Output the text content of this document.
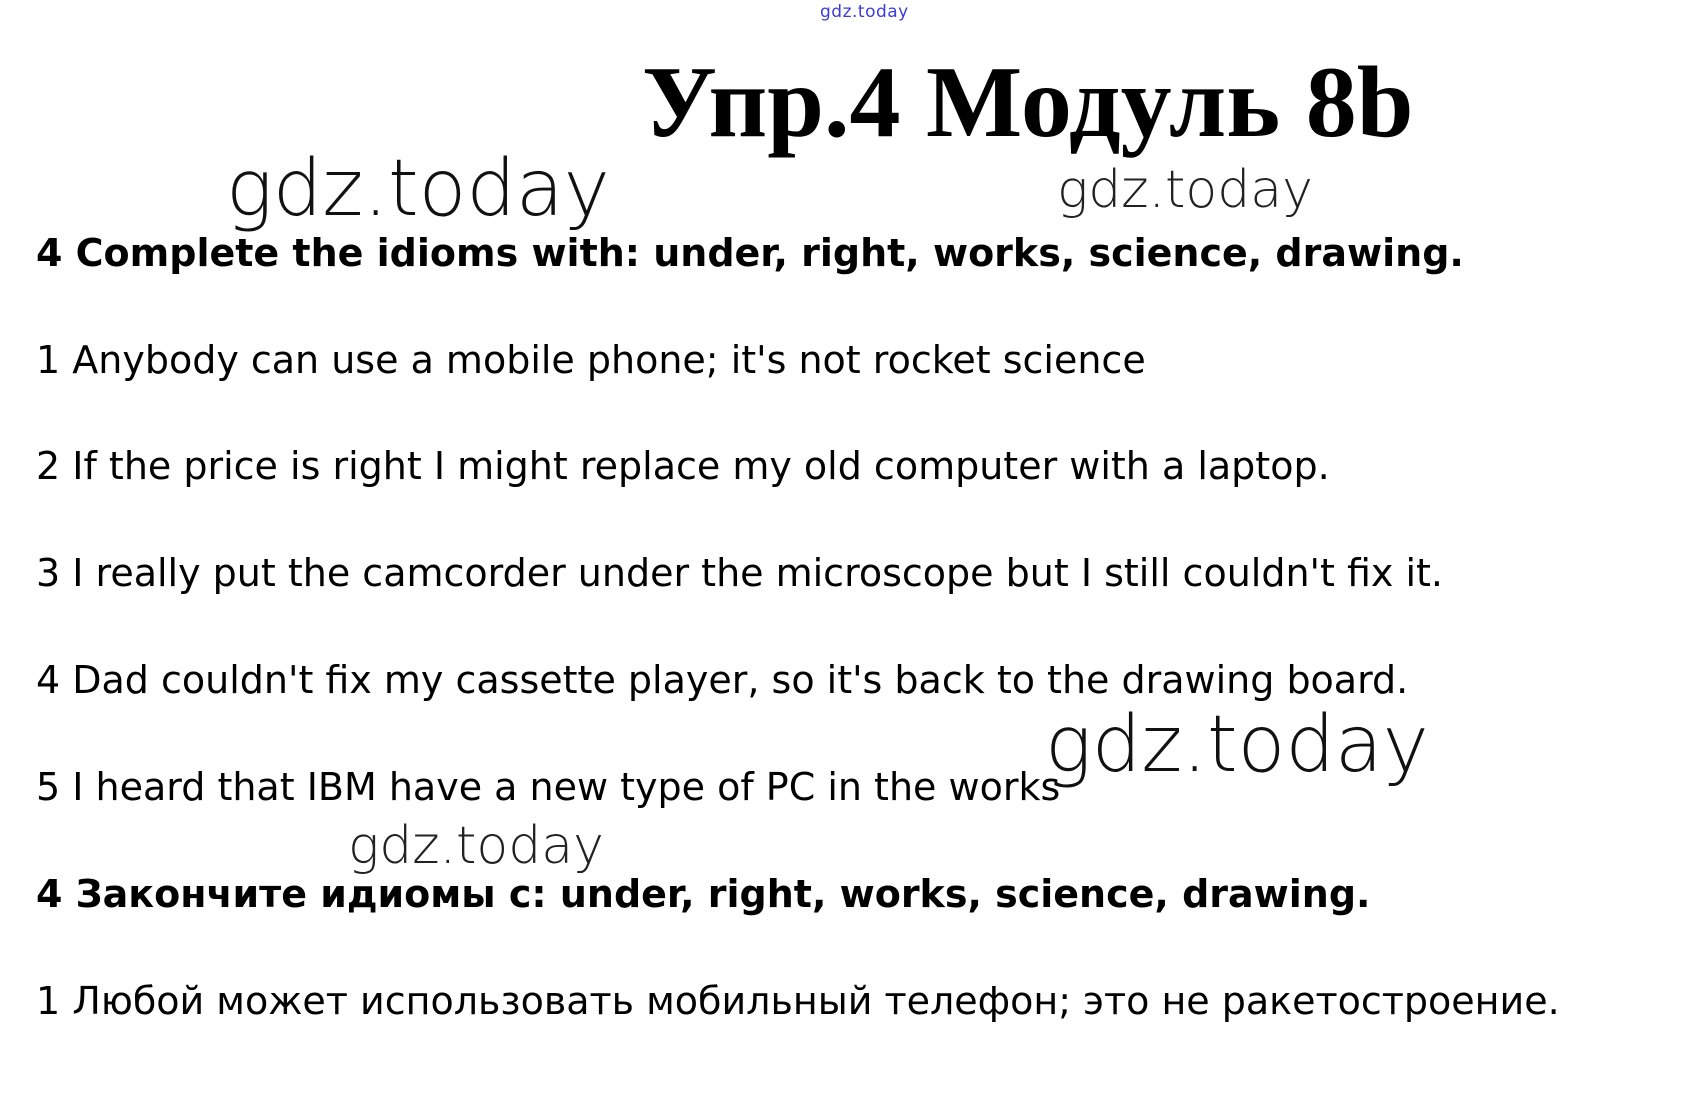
gdz.today
Упр.4 Модуль 8b
gdz.today	gdz.today
4 Complete the idioms with: under, right, works, science, drawing.
1 Anybody can use a mobile phone; it's not rocket science
2 If the price is right I might replace my old computer with a laptop.
3 I really put the camcorder under the microscope but I still couldn't fix it.
4 Dad couldn't fix my cassette player, so it's back to the drawing board.
5 I heard that IBM have a new type of PC in the works
gdz.today
gdz.today
4 Закончите идиомы с: under, right, works, science, drawing.
1 Любой может использовать мобильный телефон; это не ракетостроение.
